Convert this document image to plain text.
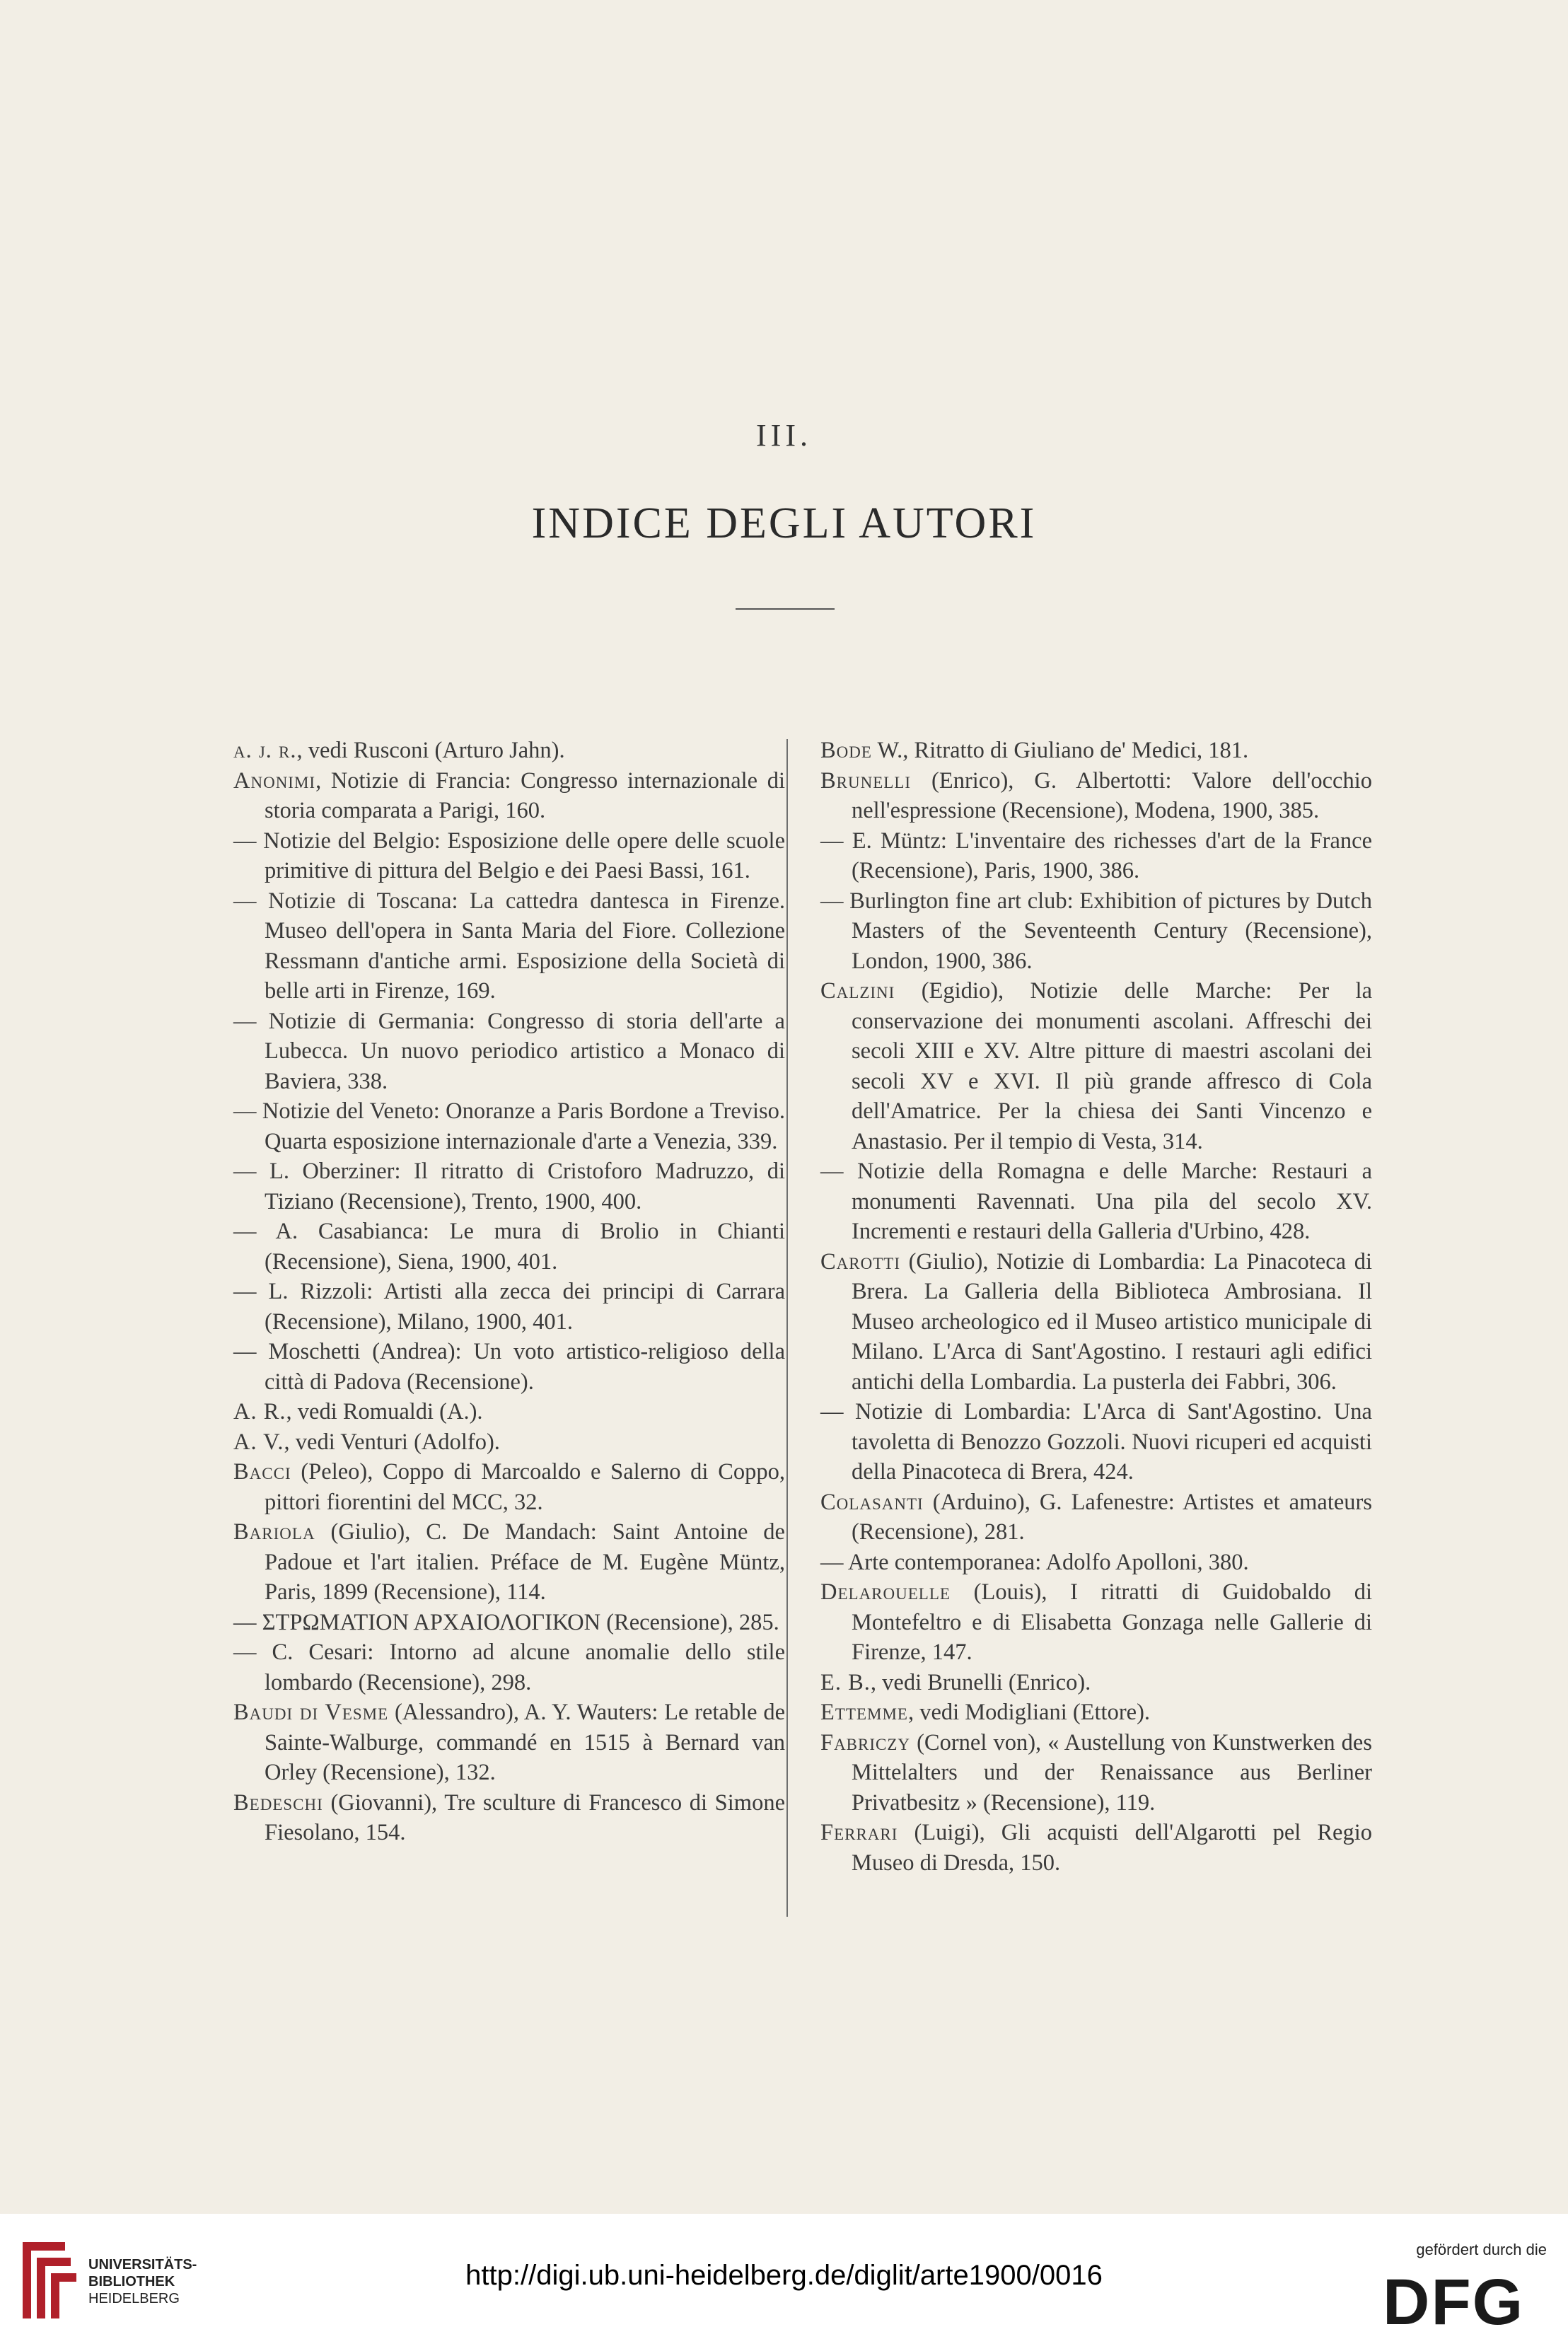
III.
INDICE DEGLI AUTORI
a. j. r., vedi Rusconi (Arturo Jahn).
Anonimi, Notizie di Francia: Congresso internazionale di storia comparata a Parigi, 160.
— Notizie del Belgio: Esposizione delle opere delle scuole primitive di pittura del Belgio e dei Paesi Bassi, 161.
— Notizie di Toscana: La cattedra dantesca in Firenze. Museo dell'opera in Santa Maria del Fiore. Collezione Ressmann d'antiche armi. Esposizione della Società di belle arti in Firenze, 169.
— Notizie di Germania: Congresso di storia dell'arte a Lubecca. Un nuovo periodico artistico a Monaco di Baviera, 338.
— Notizie del Veneto: Onoranze a Paris Bordone a Treviso. Quarta esposizione internazionale d'arte a Venezia, 339.
— L. Oberziner: Il ritratto di Cristoforo Madruzzo, di Tiziano (Recensione), Trento, 1900, 400.
— A. Casabianca: Le mura di Brolio in Chianti (Recensione), Siena, 1900, 401.
— L. Rizzoli: Artisti alla zecca dei principi di Carrara (Recensione), Milano, 1900, 401.
— Moschetti (Andrea): Un voto artistico-religioso della città di Padova (Recensione).
A. R., vedi Romualdi (A.).
A. V., vedi Venturi (Adolfo).
Bacci (Peleo), Coppo di Marcoaldo e Salerno di Coppo, pittori fiorentini del MCC, 32.
Bariola (Giulio), C. De Mandach: Saint Antoine de Padoue et l'art italien. Préface de M. Eugène Müntz, Paris, 1899 (Recensione), 114.
— ΣΤΡΩΜΑΤΙΟΝ ΑΡΧΑΙΟΛΟΓΙΚΟΝ (Recensione), 285.
— C. Cesari: Intorno ad alcune anomalie dello stile lombardo (Recensione), 298.
Baudi di Vesme (Alessandro), A. Y. Wauters: Le retable de Sainte-Walburge, commandé en 1515 à Bernard van Orley (Recensione), 132.
Bedeschi (Giovanni), Tre sculture di Francesco di Simone Fiesolano, 154.
Bode W., Ritratto di Giuliano de' Medici, 181.
Brunelli (Enrico), G. Albertotti: Valore dell'occhio nell'espressione (Recensione), Modena, 1900, 385.
— E. Müntz: L'inventaire des richesses d'art de la France (Recensione), Paris, 1900, 386.
— Burlington fine art club: Exhibition of pictures by Dutch Masters of the Seventeenth Century (Recensione), London, 1900, 386.
Calzini (Egidio), Notizie delle Marche: Per la conservazione dei monumenti ascolani. Affreschi dei secoli XIII e XV. Altre pitture di maestri ascolani dei secoli XV e XVI. Il più grande affresco di Cola dell'Amatrice. Per la chiesa dei Santi Vincenzo e Anastasio. Per il tempio di Vesta, 314.
— Notizie della Romagna e delle Marche: Restauri a monumenti Ravennati. Una pila del secolo XV. Incrementi e restauri della Galleria d'Urbino, 428.
Carotti (Giulio), Notizie di Lombardia: La Pinacoteca di Brera. La Galleria della Biblioteca Ambrosiana. Il Museo archeologico ed il Museo artistico municipale di Milano. L'Arca di Sant'Agostino. I restauri agli edifici antichi della Lombardia. La pusterla dei Fabbri, 306.
— Notizie di Lombardia: L'Arca di Sant'Agostino. Una tavoletta di Benozzo Gozzoli. Nuovi ricuperi ed acquisti della Pinacoteca di Brera, 424.
Colasanti (Arduino), G. Lafenestre: Artistes et amateurs (Recensione), 281.
— Arte contemporanea: Adolfo Apolloni, 380.
Delarouelle (Louis), I ritratti di Guidobaldo di Montefeltro e di Elisabetta Gonzaga nelle Gallerie di Firenze, 147.
E. B., vedi Brunelli (Enrico).
Ettemme, vedi Modigliani (Ettore).
Fabriczy (Cornel von), « Austellung von Kunstwerken des Mittelalters und der Renaissance aus Berliner Privatbesitz » (Recensione), 119.
Ferrari (Luigi), Gli acquisti dell'Algarotti pel Regio Museo di Dresda, 150.
UNIVERSITÄTS-
BIBLIOTHEK
HEIDELBERG
http://digi.ub.uni-heidelberg.de/diglit/arte1900/0016
gefördert durch die
DFG
